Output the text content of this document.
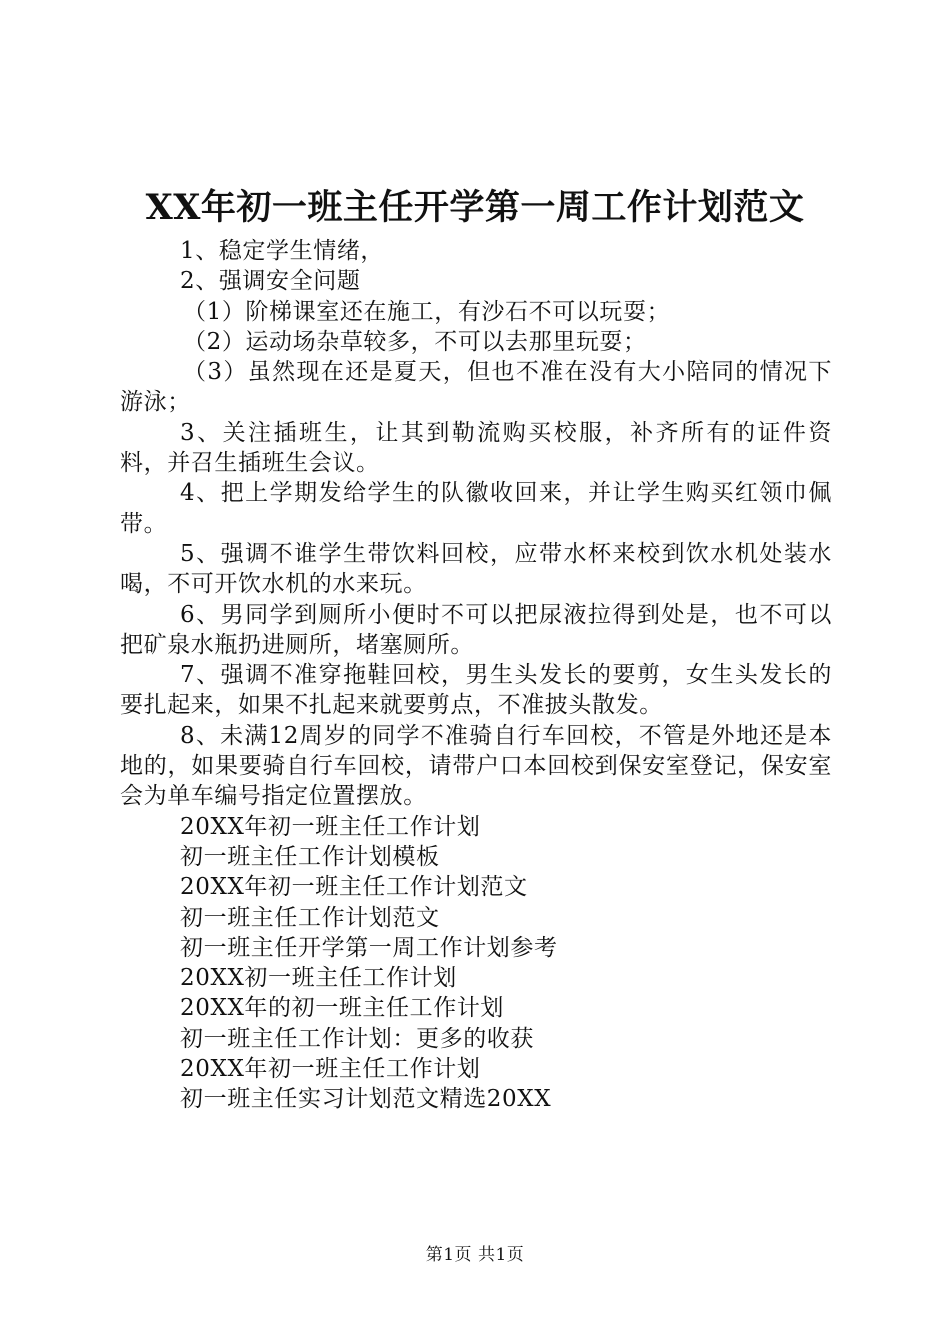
XX年初一班主任开学第一周工作计划范文

1、稳定学生情绪，

2、强调安全问题

（1）阶梯课室还在施工，有沙石不可以玩耍；

（2）运动场杂草较多，不可以去那里玩耍；

（3）虽然现在还是夏天，但也不准在没有大小陪同的情况下游泳；

3、关注插班生，让其到勒流购买校服，补齐所有的证件资料，并召生插班生会议。

4、把上学期发给学生的队徽收回来，并让学生购买红领巾佩带。

5、强调不谁学生带饮料回校，应带水杯来校到饮水机处装水喝，不可开饮水机的水来玩。

6、男同学到厕所小便时不可以把尿液拉得到处是，也不可以把矿泉水瓶扔进厕所，堵塞厕所。

7、强调不准穿拖鞋回校，男生头发长的要剪，女生头发长的要扎起来，如果不扎起来就要剪点，不准披头散发。

8、未满12周岁的同学不准骑自行车回校，不管是外地还是本地的，如果要骑自行车回校，请带户口本回校到保安室登记，保安室会为单车编号指定位置摆放。

20XX年初一班主任工作计划

初一班主任工作计划模板

20XX年初一班主任工作计划范文

初一班主任工作计划范文

初一班主任开学第一周工作计划参考

20XX初一班主任工作计划

20XX年的初一班主任工作计划

初一班主任工作计划：更多的收获

20XX年初一班主任工作计划

初一班主任实习计划范文精选20XX

第1页 共1页
